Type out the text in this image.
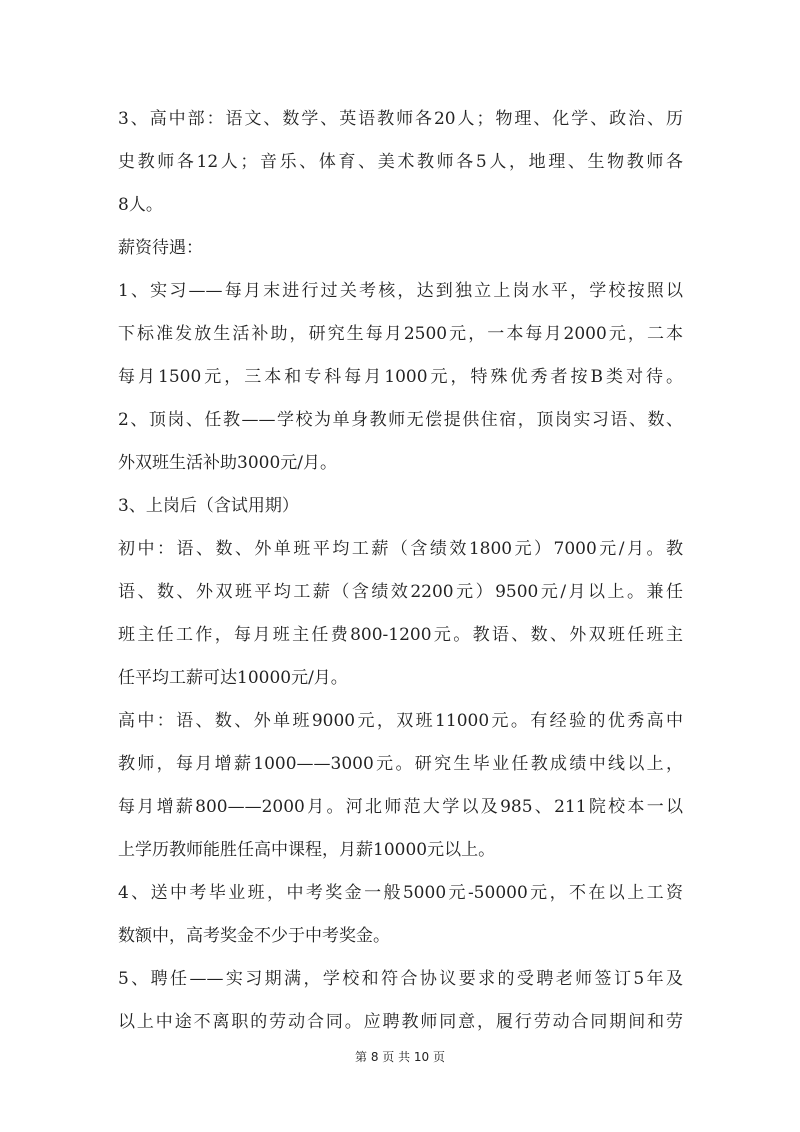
3、高中部：语文、数学、英语教师各20人；物理、化学、政治、历
史教师各12人；音乐、体育、美术教师各5人，地理、生物教师各
8人。
薪资待遇：
1、实习——每月末进行过关考核，达到独立上岗水平，学校按照以
下标准发放生活补助，研究生每月2500元，一本每月2000元，二本
每月1500元，三本和专科每月1000元，特殊优秀者按B类对待。
2、顶岗、任教——学校为单身教师无偿提供住宿，顶岗实习语、数、
外双班生活补助3000元/月。
3、上岗后（含试用期）
初中：语、数、外单班平均工薪（含绩效1800元）7000元/月。教
语、数、外双班平均工薪（含绩效2200元）9500元/月以上。兼任
班主任工作，每月班主任费800-1200元。教语、数、外双班任班主
任平均工薪可达10000元/月。
高中：语、数、外单班9000元，双班11000元。有经验的优秀高中
教师，每月增薪1000——3000元。研究生毕业任教成绩中线以上，
每月增薪800——2000月。河北师范大学以及985、211院校本一以
上学历教师能胜任高中课程，月薪10000元以上。
4、送中考毕业班，中考奖金一般5000元-50000元，不在以上工资
数额中，高考奖金不少于中考奖金。
5、聘任——实习期满，学校和符合协议要求的受聘老师签订5年及
以上中途不离职的劳动合同。应聘教师同意，履行劳动合同期间和劳
第 8 页 共 10 页
